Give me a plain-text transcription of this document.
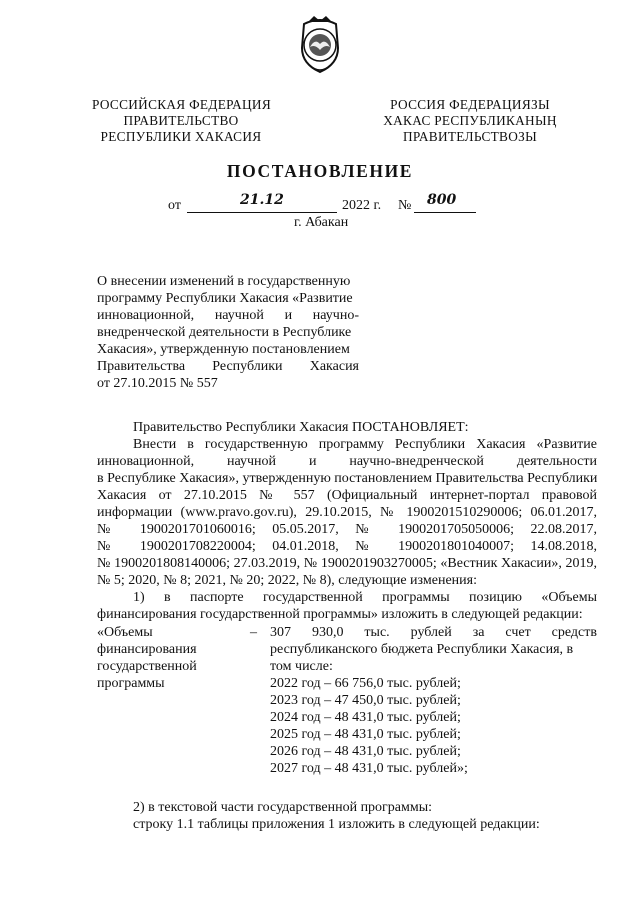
РОССИЙСКАЯ ФЕДЕРАЦИЯ
ПРАВИТЕЛЬСТВО
РЕСПУБЛИКИ ХАКАСИЯ
РОССИЯ ФЕДЕРАЦИЯЗЫ
ХАКАС РЕСПУБЛИКАНЫҢ
ПРАВИТЕЛЬСТВОЗЫ
ПОСТАНОВЛЕНИЕ
от	21.12	2022 г. № 800
г. Абакан
О внесении изменений в государственную
программу Республики Хакасия «Развитие
инновационной, научной и научно-
внедренческой деятельности в Республике
Хакасия», утвержденную постановлением
Правительства Республики Хакасия
от 27.10.2015 № 557
Правительство Республики Хакасия ПОСТАНОВЛЯЕТ:
Внести в государственную программу Республики Хакасия «Развитие
инновационной, научной и научно-внедренческой деятельности
в Республике Хакасия», утвержденную постановлением Правительства Республики
Хакасия от 27.10.2015 № 557 (Официальный интернет-портал правовой
информации (www.pravo.gov.ru), 29.10.2015, № 1900201510290006; 06.01.2017,
№ 1900201701060016; 05.05.2017, № 1900201705050006; 22.08.2017,
№ 1900201708220004; 04.01.2018, № 1900201801040007; 14.08.2018,
№ 1900201808140006; 27.03.2019, № 1900201903270005; «Вестник Хакасии», 2019,
№ 5; 2020, № 8; 2021, № 20; 2022, № 8), следующие изменения:
1) в паспорте государственной программы позицию «Объемы
финансирования государственной программы» изложить в следующей редакции:
«Объемы
финансирования
государственной
программы
– 307 930,0 тыс. рублей за счет средств
республиканского бюджета Республики Хакасия, в
том числе:
2022 год – 66 756,0 тыс. рублей;
2023 год – 47 450,0 тыс. рублей;
2024 год – 48 431,0 тыс. рублей;
2025 год – 48 431,0 тыс. рублей;
2026 год – 48 431,0 тыс. рублей;
2027 год – 48 431,0 тыс. рублей»;
2) в текстовой части государственной программы:
строку 1.1 таблицы приложения 1 изложить в следующей редакции:
